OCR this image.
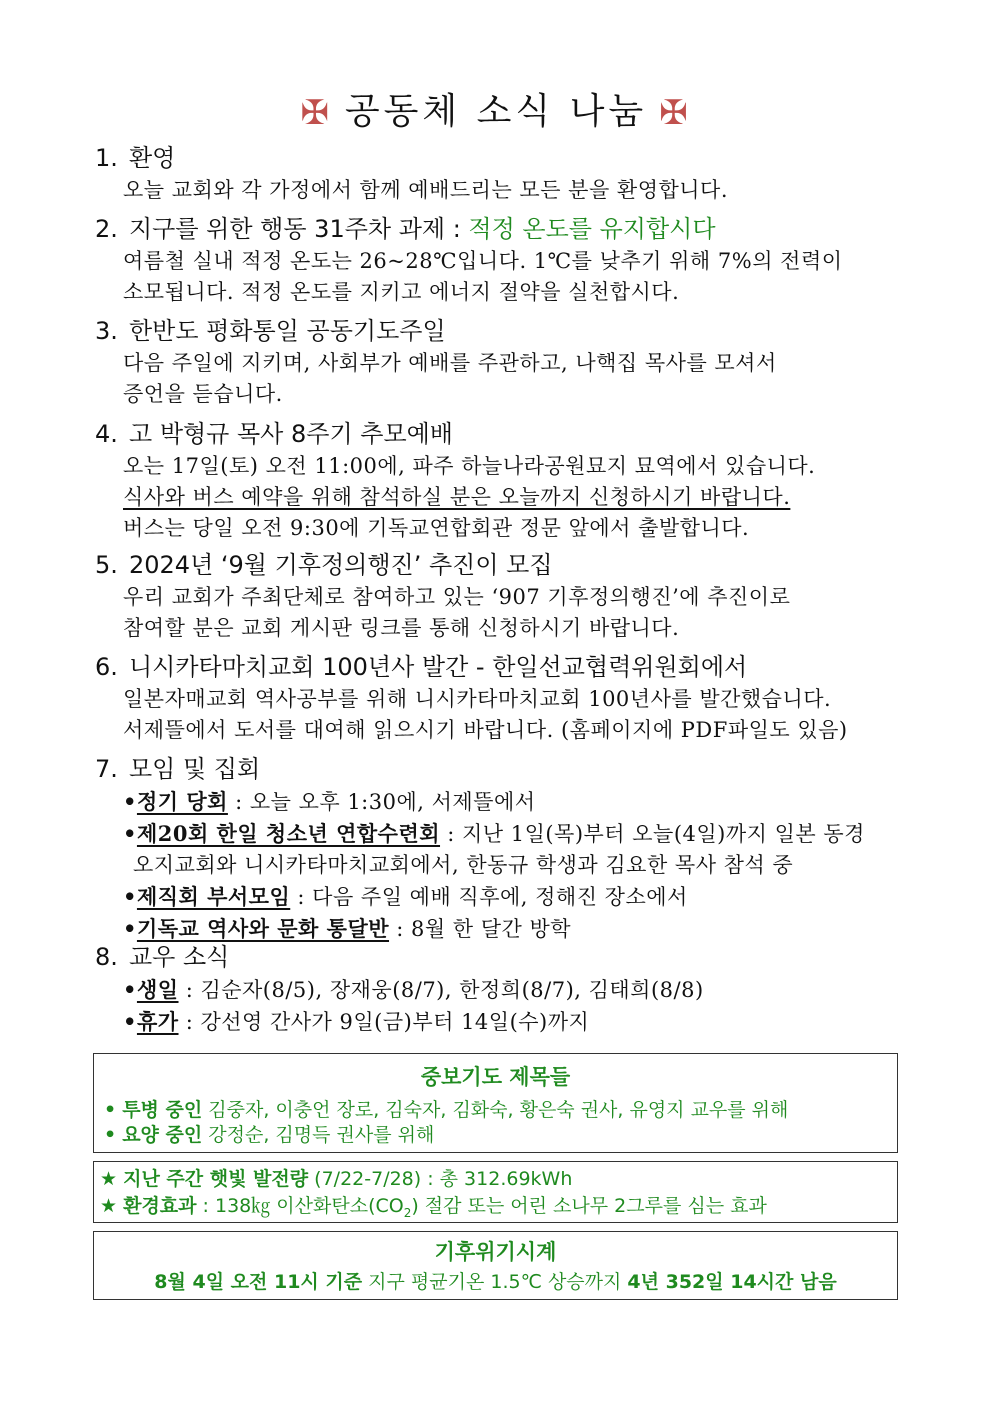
✠ 공동체 소식 나눔 ✠
1. 환영
오늘 교회와 각 가정에서 함께 예배드리는 모든 분을 환영합니다.
2. 지구를 위한 행동 31주차 과제 : 적정 온도를 유지합시다
여름철 실내 적정 온도는 26~28℃입니다. 1℃를 낮추기 위해 7%의 전력이
소모됩니다. 적정 온도를 지키고 에너지 절약을 실천합시다.
3. 한반도 평화통일 공동기도주일
다음 주일에 지키며, 사회부가 예배를 주관하고, 나핵집 목사를 모셔서
증언을 듣습니다.
4. 고 박형규 목사 8주기 추모예배
오는 17일(토) 오전 11:00에, 파주 하늘나라공원묘지 묘역에서 있습니다.
식사와 버스 예약을 위해 참석하실 분은 오늘까지 신청하시기 바랍니다.
버스는 당일 오전 9:30에 기독교연합회관 정문 앞에서 출발합니다.
5. 2024년 ‘9월 기후정의행진’ 추진이 모집
우리 교회가 주최단체로 참여하고 있는 ‘907 기후정의행진’에 추진이로
참여할 분은 교회 게시판 링크를 통해 신청하시기 바랍니다.
6. 니시카타마치교회 100년사 발간 - 한일선교협력위원회에서
일본자매교회 역사공부를 위해 니시카타마치교회 100년사를 발간했습니다.
서제뜰에서 도서를 대여해 읽으시기 바랍니다. (홈페이지에 PDF파일도 있음)
7. 모임 및 집회
•정기 당회 : 오늘 오후 1:30에, 서제뜰에서
•제20회 한일 청소년 연합수련회 : 지난 1일(목)부터 오늘(4일)까지 일본 동경
오지교회와 니시카타마치교회에서, 한동규 학생과 김요한 목사 참석 중
•제직회 부서모임 : 다음 주일 예배 직후에, 정해진 장소에서
•기독교 역사와 문화 통달반 : 8월 한 달간 방학
8. 교우 소식
•생일 : 김순자(8/5), 장재웅(8/7), 한정희(8/7), 김태희(8/8)
•휴가 : 강선영 간사가 9일(금)부터 14일(수)까지
중보기도 제목들
• 투병 중인 김중자, 이충언 장로, 김숙자, 김화숙, 황은숙 권사, 유영지 교우를 위해
• 요양 중인 강정순, 김명득 권사를 위해
★ 지난 주간 햇빛 발전량 (7/22-7/28) : 총 312.69kWh
★ 환경효과 : 138㎏ 이산화탄소$(CO_2)$ 절감 또는 어린 소나무 2그루를 심는 효과
기후위기시계
8월 4일 오전 11시 기준 지구 평균기온 1.5℃ 상승까지 4년 352일 14시간 남음
